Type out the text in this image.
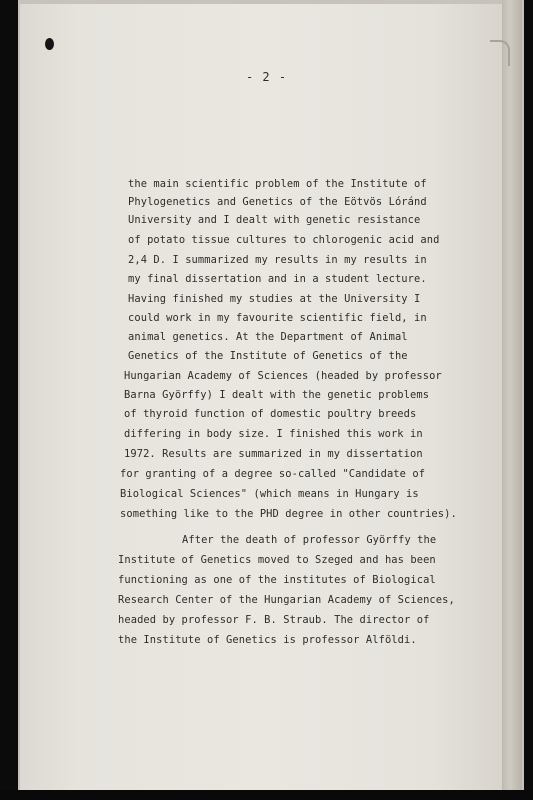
- 2 -
the main scientific problem of the Institute of
Phylogenetics and Genetics of the Eötvös Lóránd
University and I dealt with genetic resistance
of potato tissue cultures to chlorogenic acid and
2,4 D. I summarized my results in my results in
my final dissertation and in a student lecture.
Having finished my studies at the University I
could work in my favourite scientific field, in
animal genetics. At the Department of Animal
Genetics of the Institute of Genetics of the
Hungarian Academy of Sciences (headed by professor
Barna Györffy) I dealt with the genetic problems
of thyroid function of domestic poultry breeds
differing in body size. I finished this work in
1972. Results are summarized in my dissertation
for granting of a degree so-called "Candidate of
Biological Sciences" (which means in Hungary is
something like to the PHD degree in other countries).
After the death of professor Györffy the
Institute of Genetics moved to Szeged and has been
functioning as one of the institutes of Biological
Research Center of the Hungarian Academy of Sciences,
headed by professor F. B. Straub. The director of
the Institute of Genetics is professor Alföldi.
